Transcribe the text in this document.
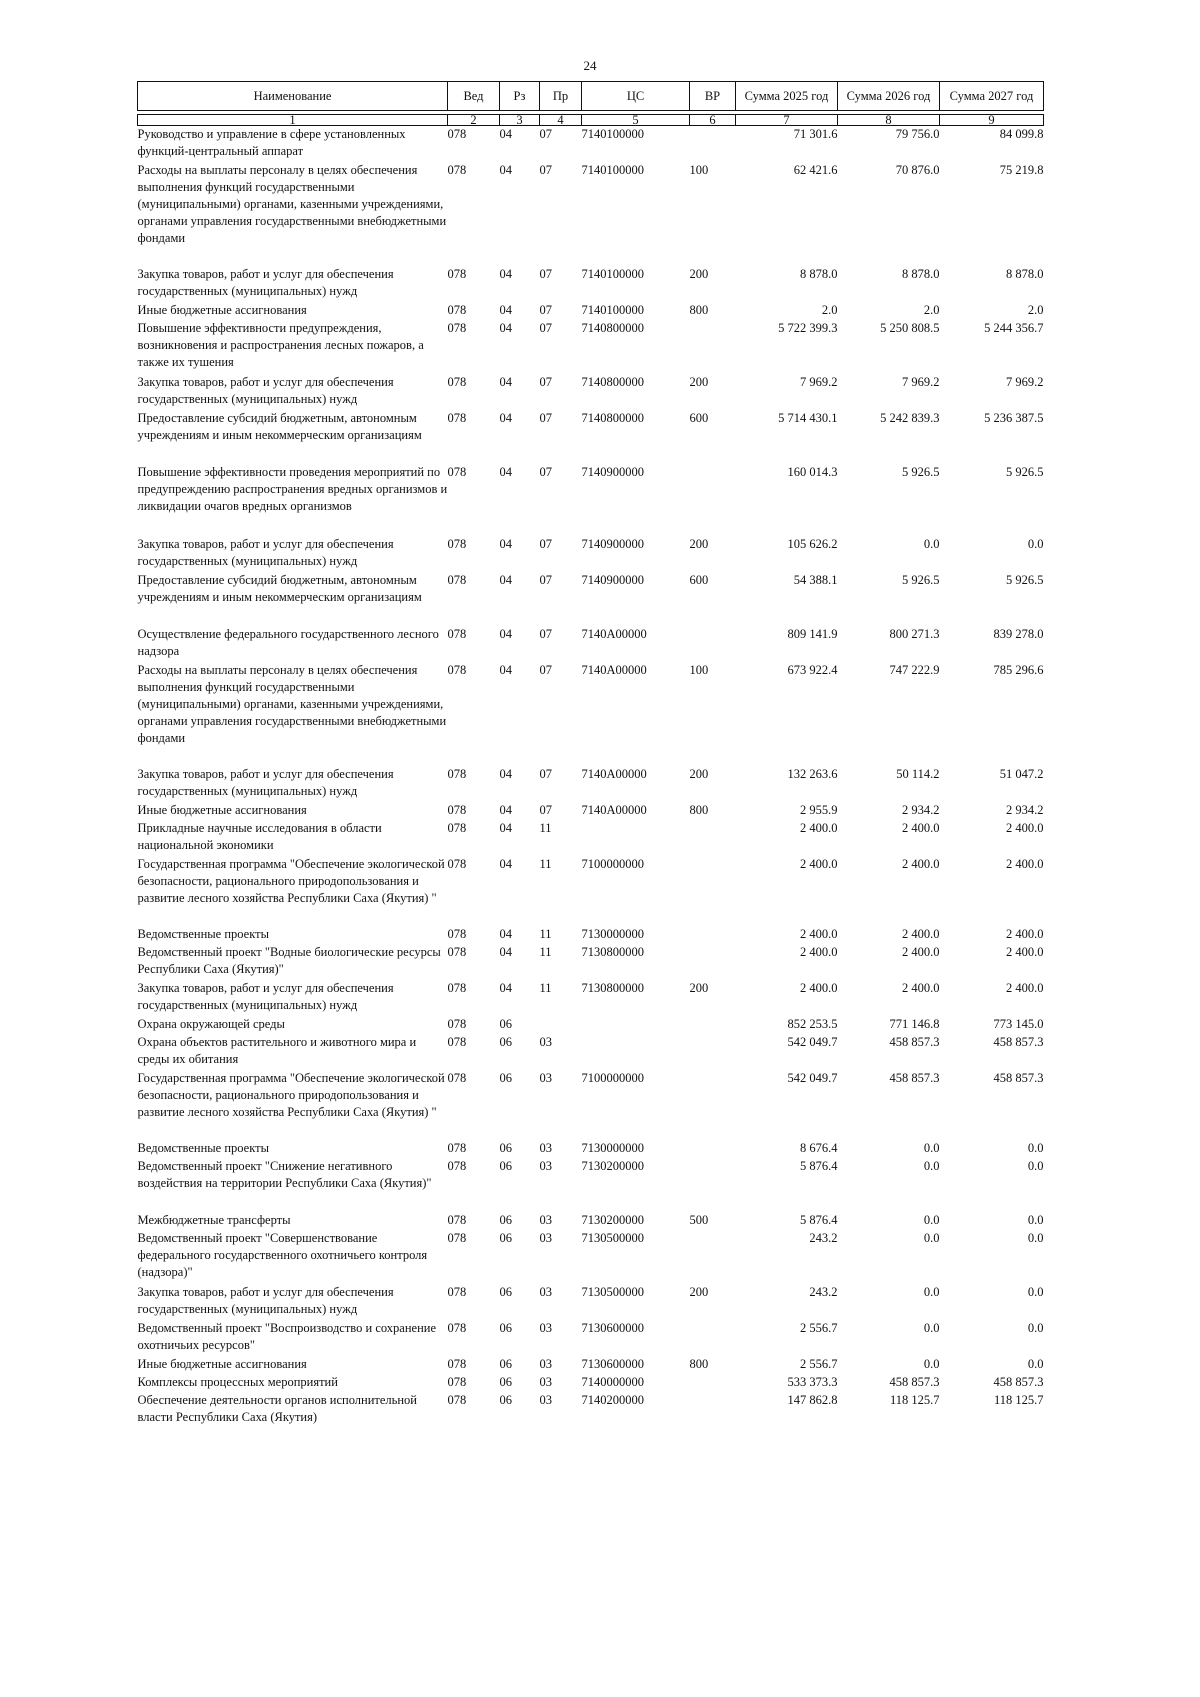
24
Наименование	Вед	Рз	Пр	ЦС	ВР	Сумма 2025 год	Сумма 2026 год	Сумма 2027 год

1	2	3	4	5	6	7	8	9
Руководство и управление в сфере установленных функций-центральный аппарат	078	04	07	7140100000		71 301.6	79 756.0	84 099.8
Расходы на выплаты персоналу в целях обеспечения выполнения функций государственными (муниципальными) органами, казенными учреждениями, органами управления государственными внебюджетными фондами	078	04	07	7140100000	100	62 421.6	70 876.0	75 219.8
Закупка товаров, работ и услуг для обеспечения государственных (муниципальных) нужд	078	04	07	7140100000	200	8 878.0	8 878.0	8 878.0
Иные бюджетные ассигнования	078	04	07	7140100000	800	2.0	2.0	2.0
Повышение эффективности предупреждения, возникновения и распространения лесных пожаров, а также их тушения	078	04	07	7140800000		5 722 399.3	5 250 808.5	5 244 356.7
Закупка товаров, работ и услуг для обеспечения государственных (муниципальных) нужд	078	04	07	7140800000	200	7 969.2	7 969.2	7 969.2
Предоставление субсидий бюджетным, автономным учреждениям и иным некоммерческим организациям	078	04	07	7140800000	600	5 714 430.1	5 242 839.3	5 236 387.5
Повышение эффективности проведения мероприятий по предупреждению распространения вредных организмов и ликвидации очагов вредных организмов	078	04	07	7140900000		160 014.3	5 926.5	5 926.5
Закупка товаров, работ и услуг для обеспечения государственных (муниципальных) нужд	078	04	07	7140900000	200	105 626.2	0.0	0.0
Предоставление субсидий бюджетным, автономным учреждениям и иным некоммерческим организациям	078	04	07	7140900000	600	54 388.1	5 926.5	5 926.5
Осуществление федерального государственного лесного надзора	078	04	07	7140A00000		809 141.9	800 271.3	839 278.0
Расходы на выплаты персоналу в целях обеспечения выполнения функций государственными (муниципальными) органами, казенными учреждениями, органами управления государственными внебюджетными фондами	078	04	07	7140A00000	100	673 922.4	747 222.9	785 296.6
Закупка товаров, работ и услуг для обеспечения государственных (муниципальных) нужд	078	04	07	7140A00000	200	132 263.6	50 114.2	51 047.2
Иные бюджетные ассигнования	078	04	07	7140A00000	800	2 955.9	2 934.2	2 934.2
Прикладные научные исследования в области национальной экономики	078	04	11			2 400.0	2 400.0	2 400.0
Государственная программа "Обеспечение экологической безопасности, рационального природопользования и развитие лесного хозяйства Республики Саха (Якутия) "	078	04	11	7100000000		2 400.0	2 400.0	2 400.0
Ведомственные проекты	078	04	11	7130000000		2 400.0	2 400.0	2 400.0
Ведомственный проект "Водные биологические ресурсы Республики Саха (Якутия)"	078	04	11	7130800000		2 400.0	2 400.0	2 400.0
Закупка товаров, работ и услуг для обеспечения государственных (муниципальных) нужд	078	04	11	7130800000	200	2 400.0	2 400.0	2 400.0
Охрана окружающей среды	078	06				852 253.5	771 146.8	773 145.0
Охрана объектов растительного и животного мира и среды их обитания	078	06	03			542 049.7	458 857.3	458 857.3
Государственная программа "Обеспечение экологической безопасности, рационального природопользования и развитие лесного хозяйства Республики Саха (Якутия) "	078	06	03	7100000000		542 049.7	458 857.3	458 857.3
Ведомственные проекты	078	06	03	7130000000		8 676.4	0.0	0.0
Ведомственный проект "Снижение негативного воздействия на территории Республики Саха (Якутия)"	078	06	03	7130200000		5 876.4	0.0	0.0
Межбюджетные трансферты	078	06	03	7130200000	500	5 876.4	0.0	0.0
Ведомственный проект "Совершенствование федерального государственного охотничьего контроля (надзора)"	078	06	03	7130500000		243.2	0.0	0.0
Закупка товаров, работ и услуг для обеспечения государственных (муниципальных) нужд	078	06	03	7130500000	200	243.2	0.0	0.0
Ведомственный проект "Воспроизводство и сохранение охотничьих ресурсов"	078	06	03	7130600000		2 556.7	0.0	0.0
Иные бюджетные ассигнования	078	06	03	7130600000	800	2 556.7	0.0	0.0
Комплексы процессных мероприятий	078	06	03	7140000000		533 373.3	458 857.3	458 857.3
Обеспечение деятельности органов исполнительной власти Республики Саха (Якутия)	078	06	03	7140200000		147 862.8	118 125.7	118 125.7
